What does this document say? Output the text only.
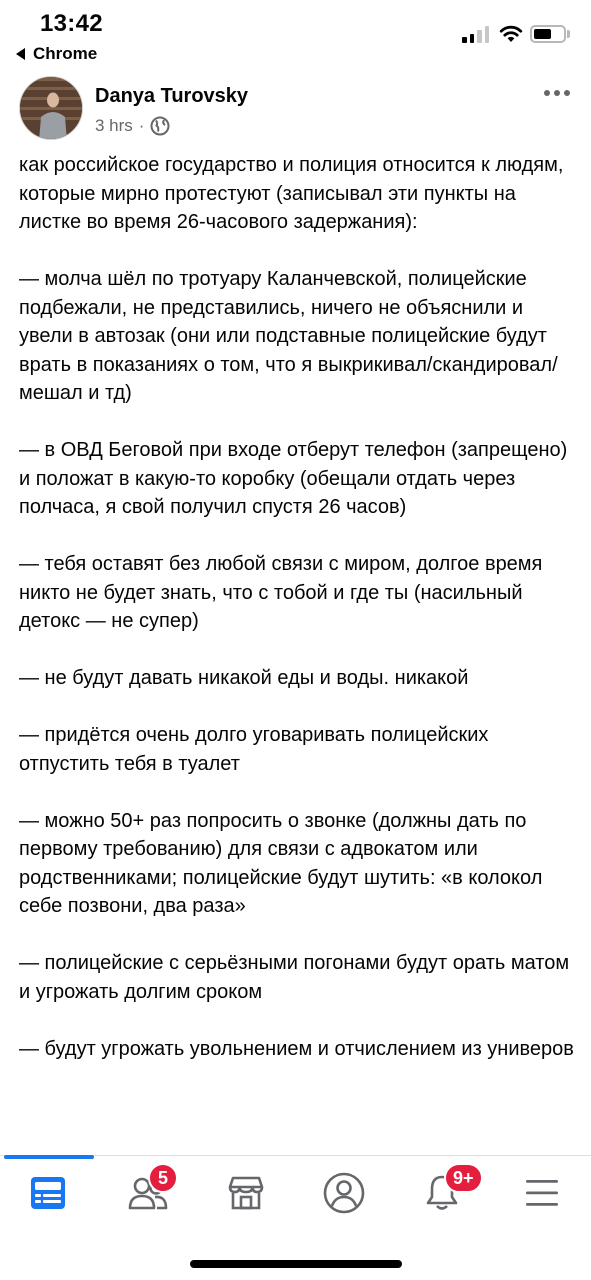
13:42
Chrome
Danya Turovsky
3 hrs ·

как российское государство и полиция относится к людям, которые мирно протестуют (записывал эти пункты на листке во время 26-часового задержания):

— молча шёл по тротуару Каланчевской, полицейские подбежали, не представились, ничего не объяснили и увели в автозак (они или подставные полицейские будут врать в показаниях о том, что я выкрикивал/скандировал/мешал и тд)

— в ОВД Беговой при входе отберут телефон (запрещено) и положат в какую-то коробку (обещали отдать через полчаса, я свой получил спустя 26 часов)

— тебя оставят без любой связи с миром, долгое время никто не будет знать, что с тобой и где ты (насильный детокс — не супер)

— не будут давать никакой еды и воды. никакой

— придётся очень долго уговаривать полицейских отпустить тебя в туалет

— можно 50+ раз попросить о звонке (должны дать по первому требованию) для связи с адвокатом или родственниками; полицейские будут шутить: «в колокол себе позвони, два раза»

— полицейские с серьёзными погонами будут орать матом и угрожать долгим сроком

— будут угрожать увольнением и отчислением из универов

5	9+
